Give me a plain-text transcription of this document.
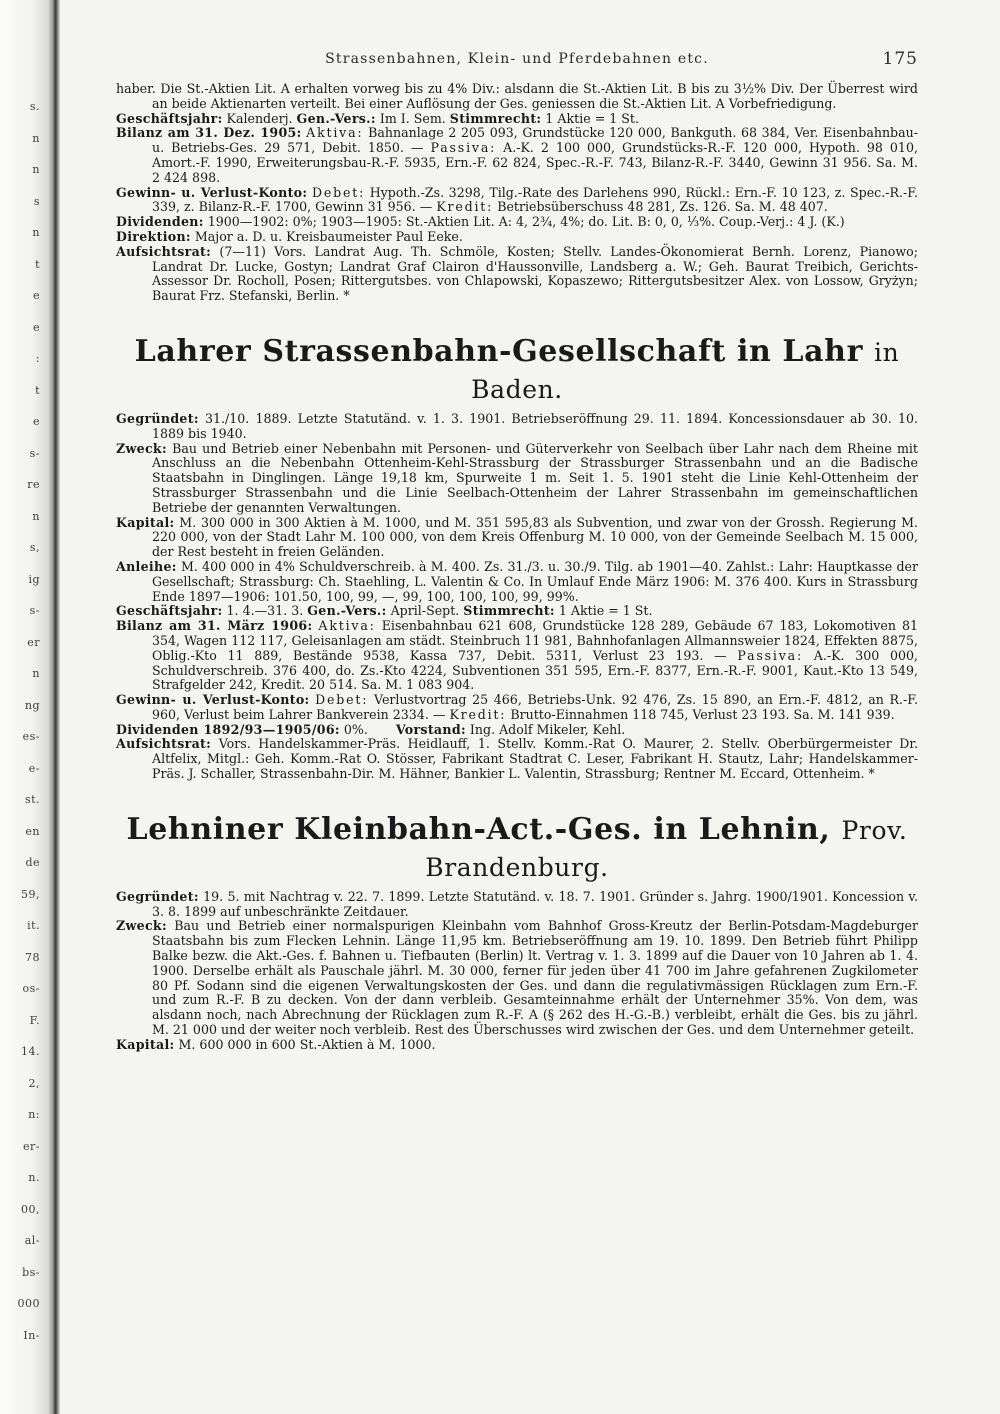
s.
n
n
s
n
t
e
e
:
t
e
s-
re
n
s,
ig
s-
er
n
ng
es-
e-
st.
en
de
59,
it.
78
os-
F.
14.
2,
n:
er-
n.
00,
al-
bs-
000
In-
Strassenbahnen, Klein- und Pferdebahnen etc.	175

haber. Die St.-Aktien Lit. A erhalten vorweg bis zu 4% Div.: alsdann die St.-Aktien Lit. B bis zu 3½% Div. Der Überrest wird an beide Aktienarten verteilt. Bei einer Auflösung der Ges. geniessen die St.-Aktien Lit. A Vorbefriedigung.

Geschäftsjahr: Kalenderj. Gen.-Vers.: Im I. Sem. Stimmrecht: 1 Aktie = 1 St.

Bilanz am 31. Dez. 1905: Aktiva: Bahnanlage 2 205 093, Grundstücke 120 000, Bankguth. 68 384, Ver. Eisenbahnbau- u. Betriebs-Ges. 29 571, Debit. 1850. — Passiva: A.-K. 2 100 000, Grundstücks-R.-F. 120 000, Hypoth. 98 010, Amort.-F. 1990, Erweiterungsbau-R.-F. 5935, Ern.-F. 62 824, Spec.-R.-F. 743, Bilanz-R.-F. 3440, Gewinn 31 956. Sa. M. 2 424 898.

Gewinn- u. Verlust-Konto: Debet: Hypoth.-Zs. 3298, Tilg.-Rate des Darlehens 990, Rückl.: Ern.-F. 10 123, z. Spec.-R.-F. 339, z. Bilanz-R.-F. 1700, Gewinn 31 956. — Kredit: Betriebsüberschuss 48 281, Zs. 126. Sa. M. 48 407.

Dividenden: 1900—1902: 0%; 1903—1905: St.-Aktien Lit. A: 4, 2¾, 4%; do. Lit. B: 0, 0, ⅓%. Coup.-Verj.: 4 J. (K.)

Direktion: Major a. D. u. Kreisbaumeister Paul Eeke.

Aufsichtsrat: (7—11) Vors. Landrat Aug. Th. Schmöle, Kosten; Stellv. Landes-Ökonomierat Bernh. Lorenz, Pianowo; Landrat Dr. Lucke, Gostyn; Landrat Graf Clairon d'Haussonville, Landsberg a. W.; Geh. Baurat Treibich, Gerichts-Assessor Dr. Rocholl, Posen; Rittergutsbes. von Chlapowski, Kopaszewo; Rittergutsbesitzer Alex. von Lossow, Gryżyn; Baurat Frz. Stefanski, Berlin. *

Lahrer Strassenbahn-Gesellschaft in Lahr in Baden.

Gegründet: 31./10. 1889. Letzte Statutänd. v. 1. 3. 1901. Betriebseröffnung 29. 11. 1894. Koncessionsdauer ab 30. 10. 1889 bis 1940.

Zweck: Bau und Betrieb einer Nebenbahn mit Personen- und Güterverkehr von Seelbach über Lahr nach dem Rheine mit Anschluss an die Nebenbahn Ottenheim-Kehl-Strassburg der Strassburger Strassenbahn und an die Badische Staatsbahn in Dinglingen. Länge 19,18 km, Spurweite 1 m. Seit 1. 5. 1901 steht die Linie Kehl-Ottenheim der Strassburger Strassenbahn und die Linie Seelbach-Ottenheim der Lahrer Strassenbahn im gemeinschaftlichen Betriebe der genannten Verwaltungen.

Kapital: M. 300 000 in 300 Aktien à M. 1000, und M. 351 595,83 als Subvention, und zwar von der Grossh. Regierung M. 220 000, von der Stadt Lahr M. 100 000, von dem Kreis Offenburg M. 10 000, von der Gemeinde Seelbach M. 15 000, der Rest besteht in freien Geländen.

Anleihe: M. 400 000 in 4% Schuldverschreib. à M. 400. Zs. 31./3. u. 30./9. Tilg. ab 1901—40. Zahlst.: Lahr: Hauptkasse der Gesellschaft; Strassburg: Ch. Staehling, L. Valentin & Co. In Umlauf Ende März 1906: M. 376 400. Kurs in Strassburg Ende 1897—1906: 101.50, 100, 99, —, 99, 100, 100, 100, 99, 99%.

Geschäftsjahr: 1. 4.—31. 3. Gen.-Vers.: April-Sept. Stimmrecht: 1 Aktie = 1 St.

Bilanz am 31. März 1906: Aktiva: Eisenbahnbau 621 608, Grundstücke 128 289, Gebäude 67 183, Lokomotiven 81 354, Wagen 112 117, Geleisanlagen am städt. Steinbruch 11 981, Bahnhofanlagen Allmannsweier 1824, Effekten 8875, Oblig.-Kto 11 889, Bestände 9538, Kassa 737, Debit. 5311, Verlust 23 193. — Passiva: A.-K. 300 000, Schuldverschreib. 376 400, do. Zs.-Kto 4224, Subventionen 351 595, Ern.-F. 8377, Ern.-R.-F. 9001, Kaut.-Kto 13 549, Strafgelder 242, Kredit. 20 514. Sa. M. 1 083 904.

Gewinn- u. Verlust-Konto: Debet: Verlustvortrag 25 466, Betriebs-Unk. 92 476, Zs. 15 890, an Ern.-F. 4812, an R.-F. 960, Verlust beim Lahrer Bankverein 2334. — Kredit: Brutto-Einnahmen 118 745, Verlust 23 193. Sa. M. 141 939.

Dividenden 1892/93—1905/06: 0%. Vorstand: Ing. Adolf Mikeler, Kehl.

Aufsichtsrat: Vors. Handelskammer-Präs. Heidlauff, 1. Stellv. Komm.-Rat O. Maurer, 2. Stellv. Oberbürgermeister Dr. Altfelix, Mitgl.: Geh. Komm.-Rat O. Stösser, Fabrikant Stadtrat C. Leser, Fabrikant H. Stautz, Lahr; Handelskammer-Präs. J. Schaller, Strassenbahn-Dir. M. Hähner, Bankier L. Valentin, Strassburg; Rentner M. Eccard, Ottenheim. *

Lehniner Kleinbahn-Act.-Ges. in Lehnin, Prov. Brandenburg.

Gegründet: 19. 5. mit Nachtrag v. 22. 7. 1899. Letzte Statutänd. v. 18. 7. 1901. Gründer s. Jahrg. 1900/1901. Koncession v. 3. 8. 1899 auf unbeschränkte Zeitdauer.

Zweck: Bau und Betrieb einer normalspurigen Kleinbahn vom Bahnhof Gross-Kreutz der Berlin-Potsdam-Magdeburger Staatsbahn bis zum Flecken Lehnin. Länge 11,95 km. Betriebseröffnung am 19. 10. 1899. Den Betrieb führt Philipp Balke bezw. die Akt.-Ges. f. Bahnen u. Tiefbauten (Berlin) lt. Vertrag v. 1. 3. 1899 auf die Dauer von 10 Jahren ab 1. 4. 1900. Derselbe erhält als Pauschale jährl. M. 30 000, ferner für jeden über 41 700 im Jahre gefahrenen Zugkilometer 80 Pf. Sodann sind die eigenen Verwaltungskosten der Ges. und dann die regulativmässigen Rücklagen zum Ern.-F. und zum R.-F. B zu decken. Von der dann verbleib. Gesamteinnahme erhält der Unternehmer 35%. Von dem, was alsdann noch, nach Abrechnung der Rücklagen zum R.-F. A (§ 262 des H.-G.-B.) verbleibt, erhält die Ges. bis zu jährl. M. 21 000 und der weiter noch verbleib. Rest des Überschusses wird zwischen der Ges. und dem Unternehmer geteilt.

Kapital: M. 600 000 in 600 St.-Aktien à M. 1000.
